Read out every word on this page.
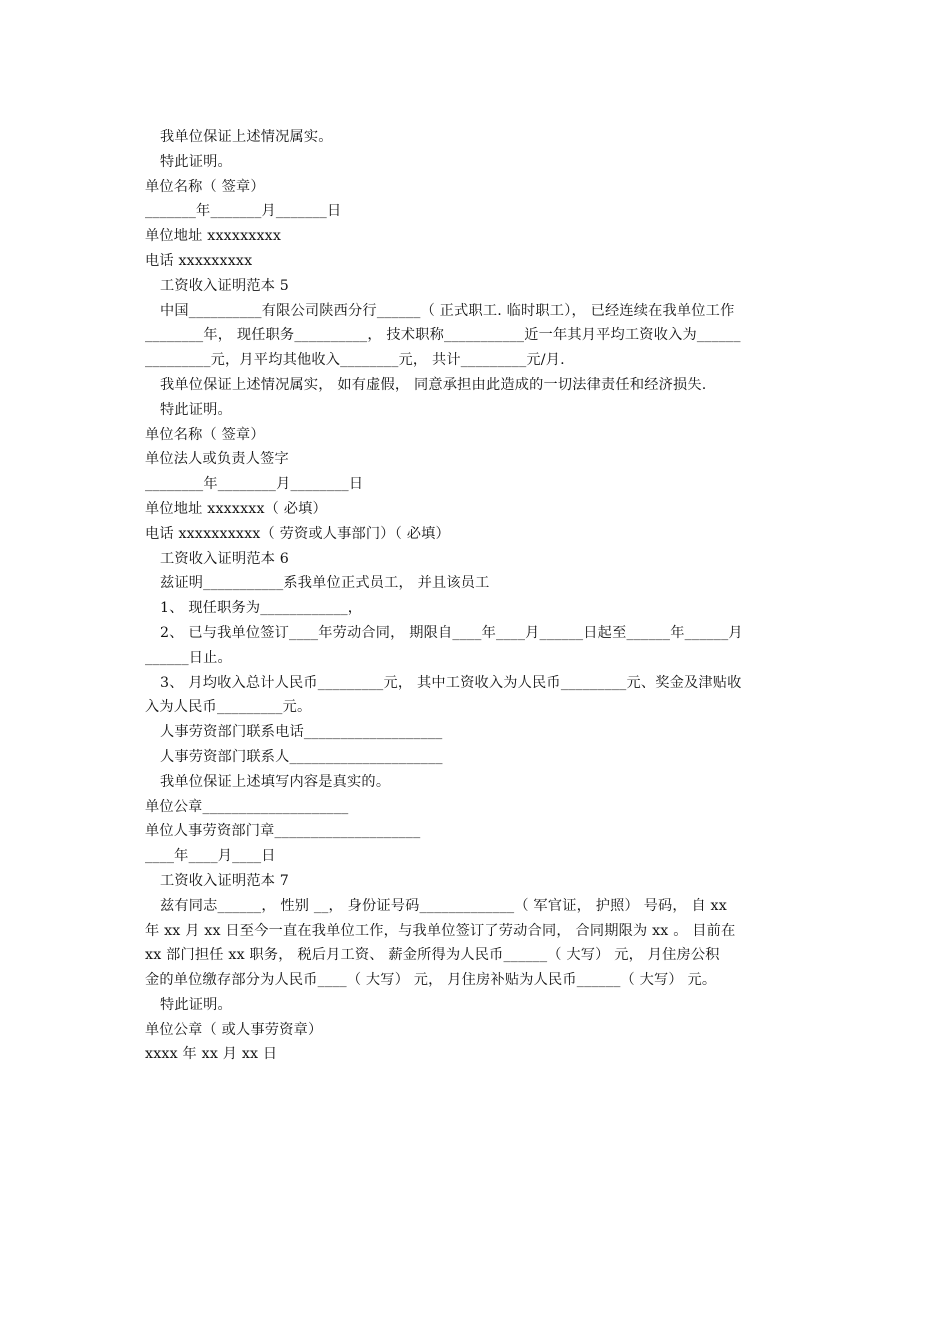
我单位保证上述情况属实。
特此证明。
单位名称（ 签章）
_______年_______月_______日
单位地址 xxxxxxxxx
电话 xxxxxxxxx
工资收入证明范本 5
中国__________有限公司陕西分行______（ 正式职工. 临时职工）， 已经连续在我单位工作
________年， 现任职务__________， 技术职称___________近一年其月平均工资收入为______
_________元，月平均其他收入________元， 共计_________元/月.
我单位保证上述情况属实， 如有虚假， 同意承担由此造成的一切法律责任和经济损失.
特此证明。
单位名称（ 签章）
单位法人或负责人签字
________年________月________日
单位地址 xxxxxxx（ 必填）
电话 xxxxxxxxxx（ 劳资或人事部门）（ 必填）
工资收入证明范本 6
兹证明___________系我单位正式员工， 并且该员工
1、 现任职务为____________，
2、 已与我单位签订____年劳动合同， 期限自____年____月______日起至______年______月
______日止。
3、 月均收入总计人民币_________元， 其中工资收入为人民币_________元、奖金及津贴收
入为人民币_________元。
人事劳资部门联系电话___________________
人事劳资部门联系人_____________________
我单位保证上述填写内容是真实的。
单位公章____________________
单位人事劳资部门章____________________
____年____月____日
工资收入证明范本 7
兹有同志______， 性别 __， 身份证号码_____________（ 军官证， 护照） 号码， 自 xx
年 xx 月 xx 日至今一直在我单位工作，与我单位签订了劳动合同， 合同期限为 xx 。 目前在
xx 部门担任 xx 职务， 税后月工资、 薪金所得为人民币______（ 大写） 元， 月住房公积
金的单位缴存部分为人民币____（ 大写） 元， 月住房补贴为人民币______（ 大写） 元。
特此证明。
单位公章（ 或人事劳资章）
xxxx 年 xx 月 xx 日
